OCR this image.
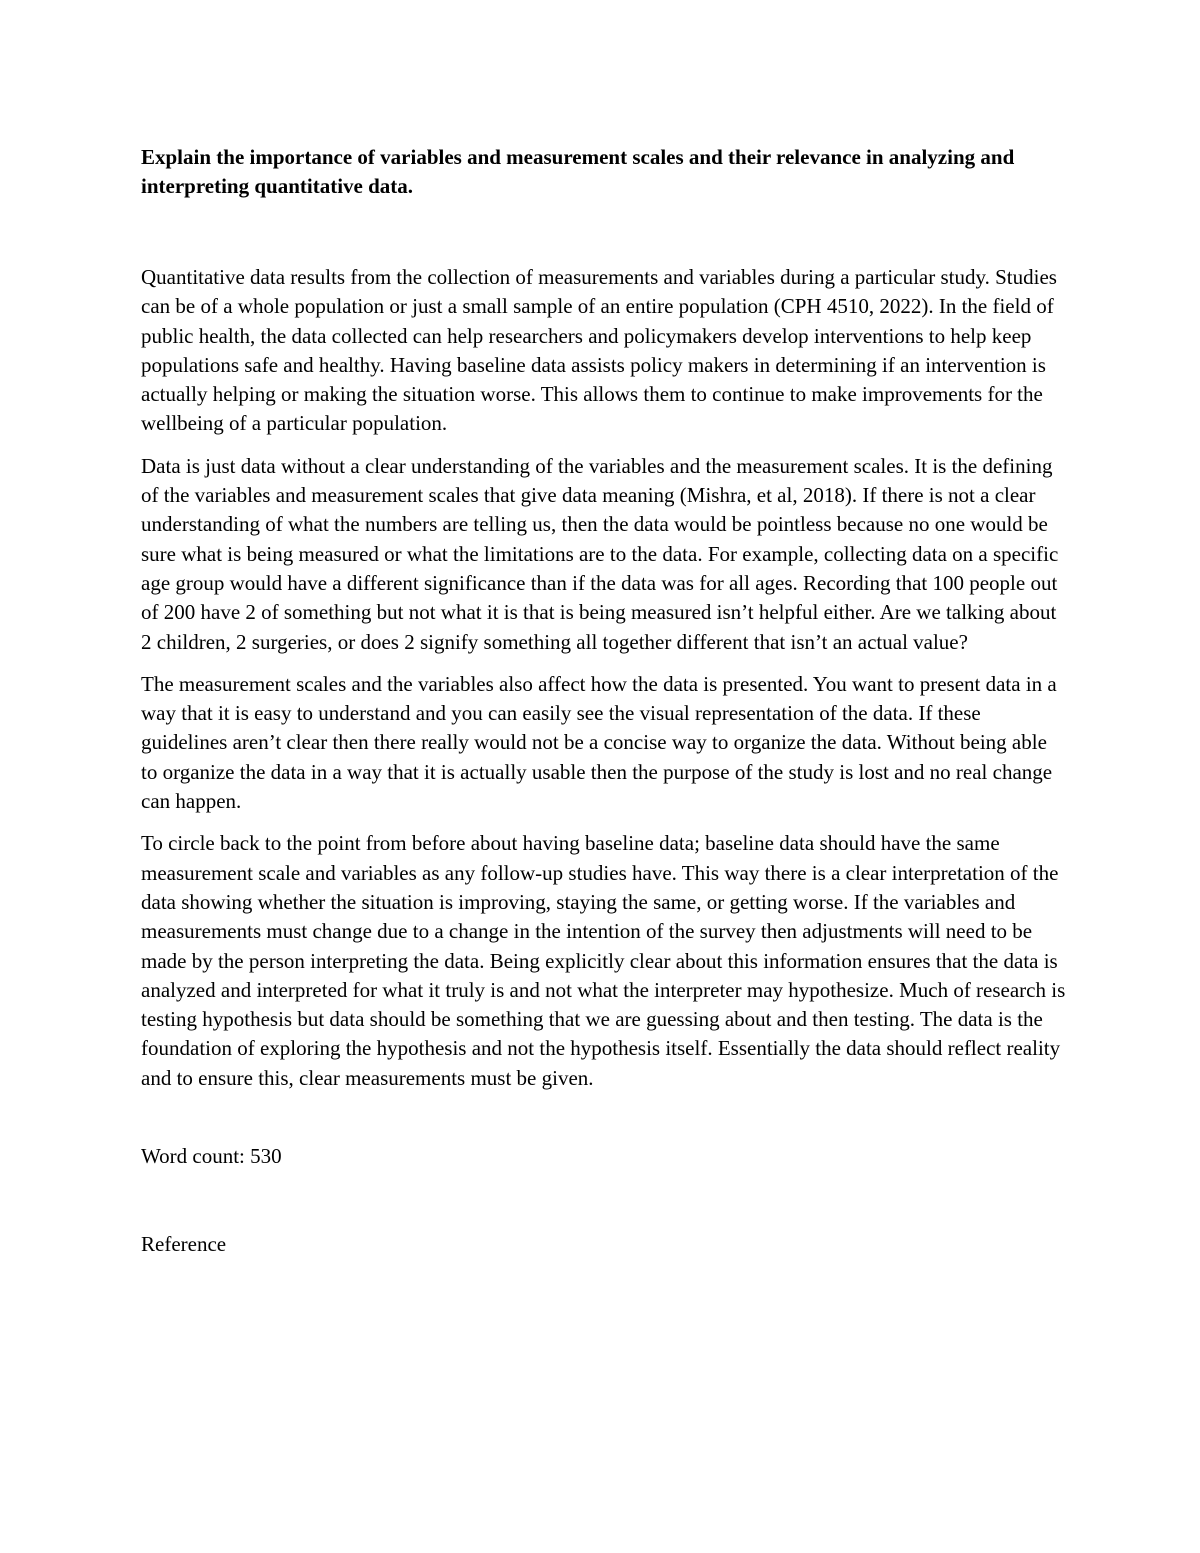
Explain the importance of variables and measurement scales and their relevance in analyzing and interpreting quantitative data.

Quantitative data results from the collection of measurements and variables during a particular study. Studies can be of a whole population or just a small sample of an entire population (CPH 4510, 2022). In the field of public health, the data collected can help researchers and policymakers develop interventions to help keep populations safe and healthy. Having baseline data assists policy makers in determining if an intervention is actually helping or making the situation worse. This allows them to continue to make improvements for the wellbeing of a particular population.

Data is just data without a clear understanding of the variables and the measurement scales. It is the defining of the variables and measurement scales that give data meaning (Mishra, et al, 2018). If there is not a clear understanding of what the numbers are telling us, then the data would be pointless because no one would be sure what is being measured or what the limitations are to the data. For example, collecting data on a specific age group would have a different significance than if the data was for all ages. Recording that 100 people out of 200 have 2 of something but not what it is that is being measured isn’t helpful either. Are we talking about 2 children, 2 surgeries, or does 2 signify something all together different that isn’t an actual value?

The measurement scales and the variables also affect how the data is presented. You want to present data in a way that it is easy to understand and you can easily see the visual representation of the data. If these guidelines aren’t clear then there really would not be a concise way to organize the data. Without being able to organize the data in a way that it is actually usable then the purpose of the study is lost and no real change can happen.

To circle back to the point from before about having baseline data; baseline data should have the same measurement scale and variables as any follow-up studies have. This way there is a clear interpretation of the data showing whether the situation is improving, staying the same, or getting worse. If the variables and measurements must change due to a change in the intention of the survey then adjustments will need to be made by the person interpreting the data. Being explicitly clear about this information ensures that the data is analyzed and interpreted for what it truly is and not what the interpreter may hypothesize. Much of research is testing hypothesis but data should be something that we are guessing about and then testing. The data is the foundation of exploring the hypothesis and not the hypothesis itself. Essentially the data should reflect reality and to ensure this, clear measurements must be given.

Word count: 530

Reference
